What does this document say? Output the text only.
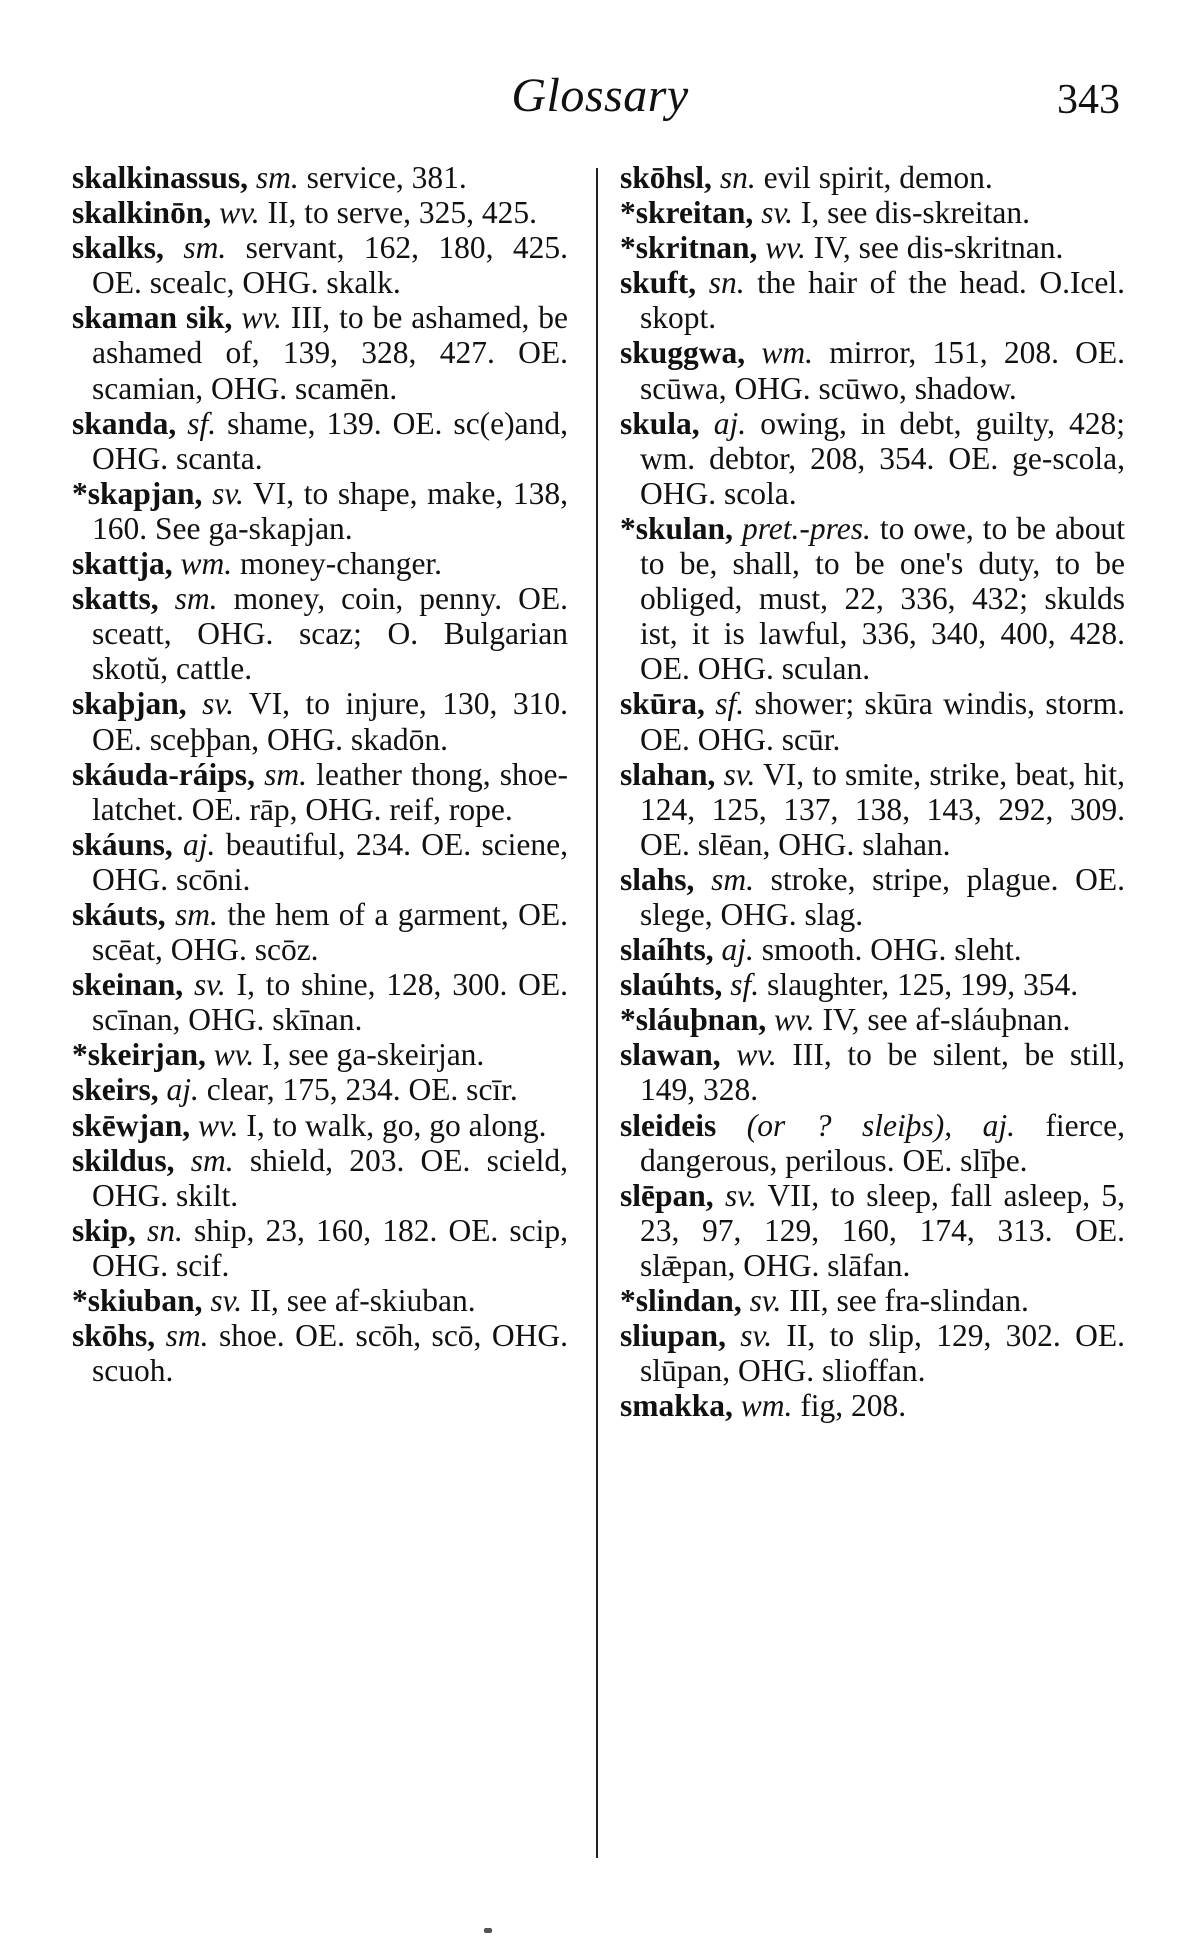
Glossary	343

skalkinassus, sm. service, 381.

skalkinōn, wv. II, to serve, 325, 425.

skalks, sm. servant, 162, 180, 425. OE. scealc, OHG. skalk.

skaman sik, wv. III, to be ashamed, be ashamed of, 139, 328, 427. OE. scamian, OHG. scamēn.

skanda, sf. shame, 139. OE. sc(e)and, OHG. scanta.

*skapjan, sv. VI, to shape, make, 138, 160. See ga-skapjan.

skattja, wm. money-changer.

skatts, sm. money, coin, penny. OE. sceatt, OHG. scaz; O. Bulgarian skotŭ, cattle.

skaþjan, sv. VI, to injure, 130, 310. OE. sceþþan, OHG. skadōn.

skáuda-ráips, sm. leather thong, shoe-latchet. OE. rāp, OHG. reif, rope.

skáuns, aj. beautiful, 234. OE. sciene, OHG. scōni.

skáuts, sm. the hem of a garment, OE. scēat, OHG. scōz.

skeinan, sv. I, to shine, 128, 300. OE. scīnan, OHG. skīnan.

*skeirjan, wv. I, see ga-skeirjan.

skeirs, aj. clear, 175, 234. OE. scīr.

skēwjan, wv. I, to walk, go, go along.

skildus, sm. shield, 203. OE. scield, OHG. skilt.

skip, sn. ship, 23, 160, 182. OE. scip, OHG. scif.

*skiuban, sv. II, see af-skiuban.

skōhs, sm. shoe. OE. scōh, scō, OHG. scuoh.

skōhsl, sn. evil spirit, demon.

*skreitan, sv. I, see dis-skreitan.

*skritnan, wv. IV, see dis-skritnan.

skuft, sn. the hair of the head. O.Icel. skopt.

skuggwa, wm. mirror, 151, 208. OE. scūwa, OHG. scūwo, shadow.

skula, aj. owing, in debt, guilty, 428; wm. debtor, 208, 354. OE. ge-scola, OHG. scola.

*skulan, pret.-pres. to owe, to be about to be, shall, to be one's duty, to be obliged, must, 22, 336, 432; skulds ist, it is lawful, 336, 340, 400, 428. OE. OHG. sculan.

skūra, sf. shower; skūra windis, storm. OE. OHG. scūr.

slahan, sv. VI, to smite, strike, beat, hit, 124, 125, 137, 138, 143, 292, 309. OE. slēan, OHG. slahan.

slahs, sm. stroke, stripe, plague. OE. slege, OHG. slag.

slaíhts, aj. smooth. OHG. sleht.

slaúhts, sf. slaughter, 125, 199, 354.

*sláuþnan, wv. IV, see af-sláuþnan.

slawan, wv. III, to be silent, be still, 149, 328.

sleideis (or ? sleiþs), aj. fierce, dangerous, perilous. OE. slīþe.

slēpan, sv. VII, to sleep, fall asleep, 5, 23, 97, 129, 160, 174, 313. OE. slǣpan, OHG. slāfan.

*slindan, sv. III, see fra-slindan.

sliupan, sv. II, to slip, 129, 302. OE. slūpan, OHG. slioffan.

smakka, wm. fig, 208.
